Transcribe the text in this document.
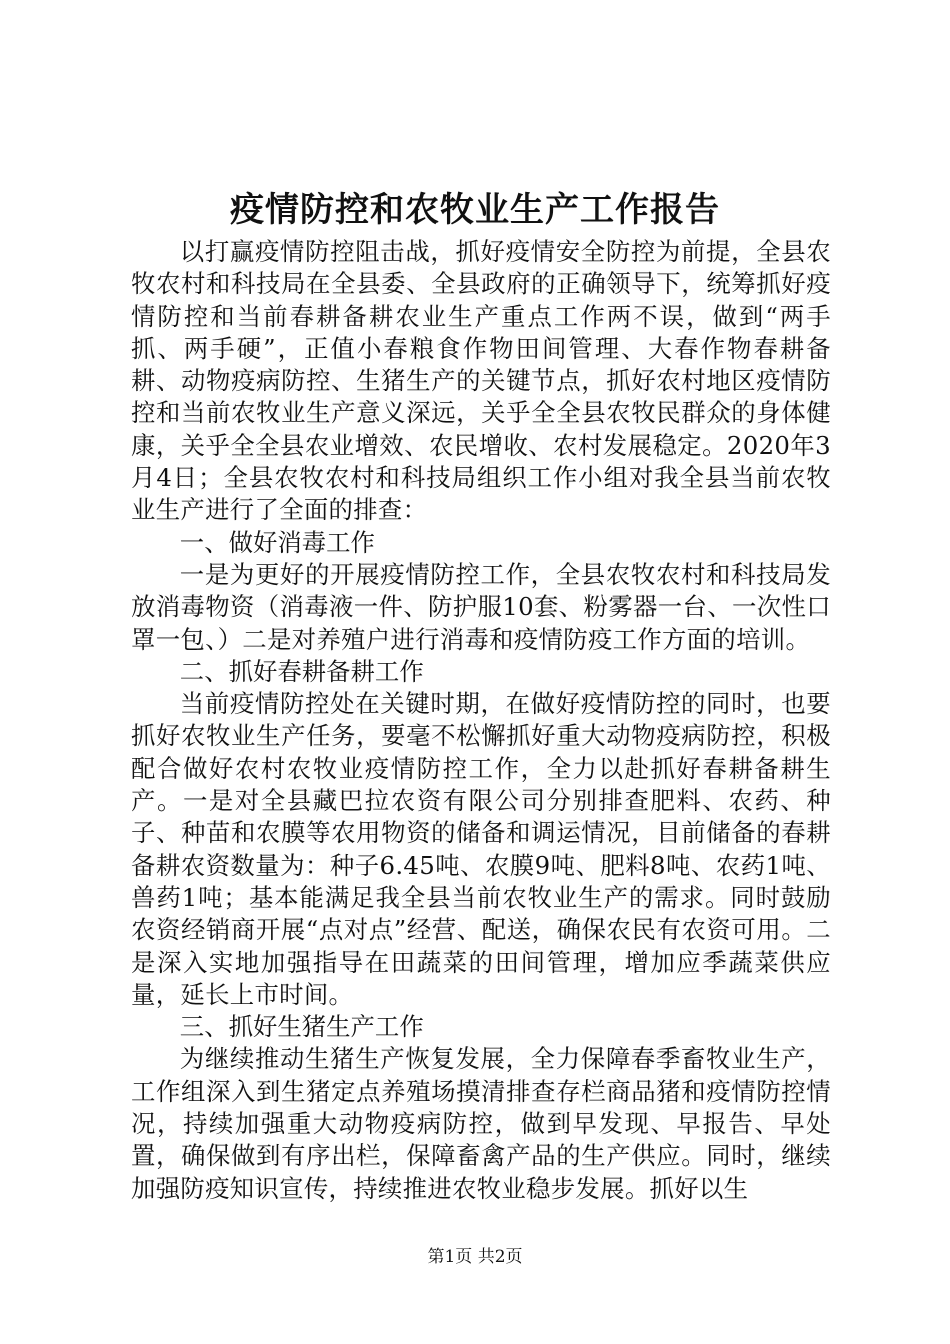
疫情防控和农牧业生产工作报告

以打赢疫情防控阻击战，抓好疫情安全防控为前提，全县农牧农村和科技局在全县委、全县政府的正确领导下，统筹抓好疫情防控和当前春耕备耕农业生产重点工作两不误，做到“两手抓、两手硬”，正值小春粮食作物田间管理、大春作物春耕备耕、动物疫病防控、生猪生产的关键节点，抓好农村地区疫情防控和当前农牧业生产意义深远，关乎全全县农牧民群众的身体健康，关乎全全县农业增效、农民增收、农村发展稳定。2020年3月4日；全县农牧农村和科技局组织工作小组对我全县当前农牧业生产进行了全面的排查：

一、做好消毒工作

一是为更好的开展疫情防控工作，全县农牧农村和科技局发放消毒物资（消毒液一件、防护服10套、粉雾器一台、一次性口罩一包、）二是对养殖户进行消毒和疫情防疫工作方面的培训。

二、抓好春耕备耕工作

当前疫情防控处在关键时期，在做好疫情防控的同时，也要抓好农牧业生产任务，要毫不松懈抓好重大动物疫病防控，积极配合做好农村农牧业疫情防控工作，全力以赴抓好春耕备耕生产。一是对全县藏巴拉农资有限公司分别排查肥料、农药、种子、种苗和农膜等农用物资的储备和调运情况，目前储备的春耕备耕农资数量为：种子6.45吨、农膜9吨、肥料8吨、农药1吨、兽药1吨；基本能满足我全县当前农牧业生产的需求。同时鼓励农资经销商开展“点对点”经营、配送，确保农民有农资可用。二是深入实地加强指导在田蔬菜的田间管理，增加应季蔬菜供应量，延长上市时间。

三、抓好生猪生产工作

为继续推动生猪生产恢复发展，全力保障春季畜牧业生产，工作组深入到生猪定点养殖场摸清排查存栏商品猪和疫情防控情况，持续加强重大动物疫病防控，做到早发现、早报告、早处置，确保做到有序出栏，保障畜禽产品的生产供应。同时，继续加强防疫知识宣传，持续推进农牧业稳步发展。抓好以生

第1页 共2页
